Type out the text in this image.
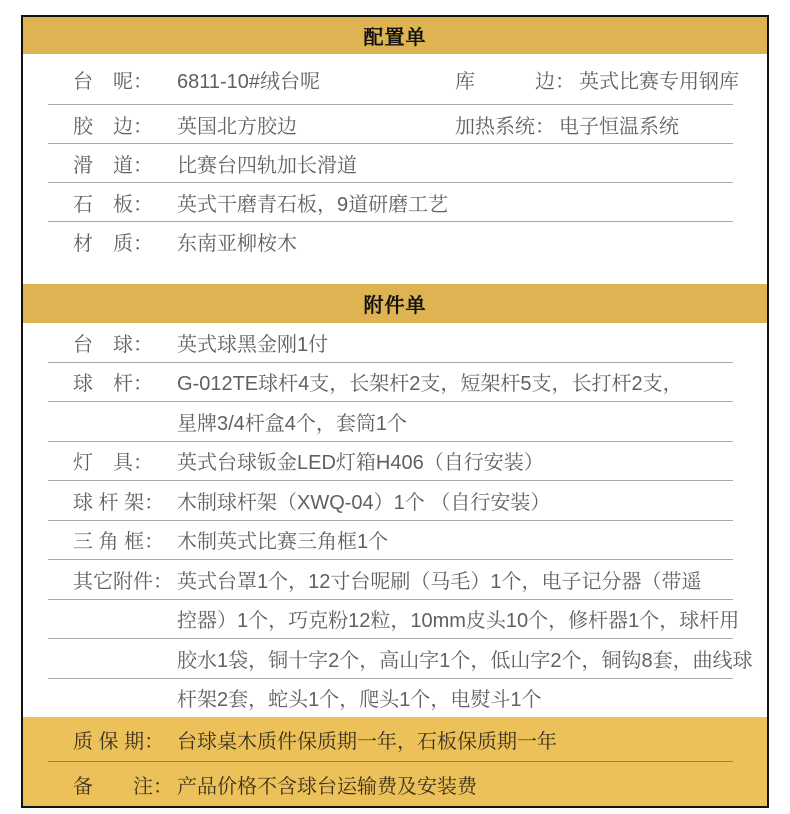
配置单
台　呢：	6811-10#绒台呢	库　　　边： 英式比赛专用钢库
胶　边：	英国北方胶边	加热系统： 电子恒温系统
滑　道：	比赛台四轨加长滑道
石　板：	英式干磨青石板，9道研磨工艺
材　质：	东南亚柳桉木
附件单
台　球：	英式球黑金刚1付
球　杆：	G-012TE球杆4支，长架杆2支，短架杆5支，长打杆2支，
星牌3/4杆盒4个，套筒1个
灯　具：	英式台球钣金LED灯箱H406（自行安装）
球 杆 架： 木制球杆架（XWQ-04）1个 （自行安装）
三 角 框： 木制英式比赛三角框1个
其它附件： 英式台罩1个，12寸台呢刷（马毛）1个，电子记分器（带遥
控器）1个，巧克粉12粒，10mm皮头10个，修杆器1个，球杆用
胶水1袋，铜十字2个，高山字1个，低山字2个，铜钩8套，曲线球
杆架2套，蛇头1个，爬头1个，电熨斗1个
质 保 期： 台球桌木质件保质期一年，石板保质期一年
备　　注： 产品价格不含球台运输费及安装费
